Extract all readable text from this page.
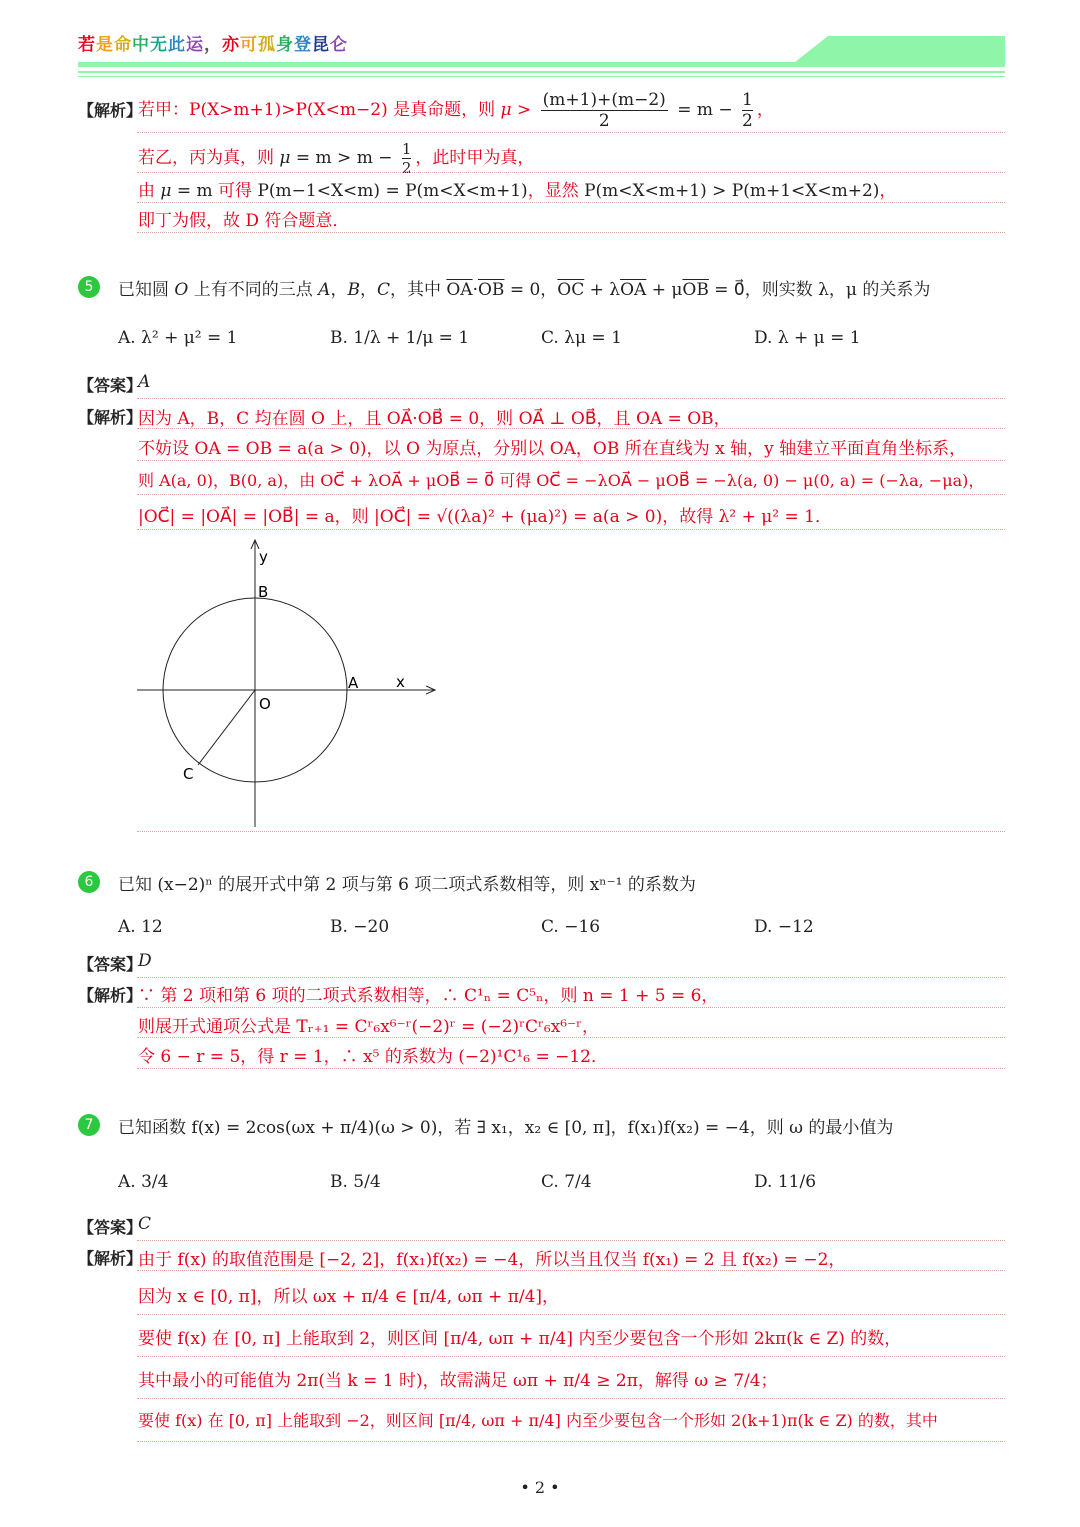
若是命中无此运，亦可孤身登昆仑
【解析】
若甲：P(X>m+1)>P(X<m−2) 是真命题，则 $\mu > \frac{(m+1)+(m-2)}{2} = m - \frac{1}{2}$ ，
若乙，丙为真，则 $\mu = m > m - \frac{1}{2}$ ，此时甲为真，
由 μ = m 可得 P(m−1<X<m) = P(m<X<m+1)，显然 P(m<X<m+1) > P(m+1<X<m+2)，
即丁为假，故 D 符合题意．
5	已知圆 O 上有不同的三点 A，B，C，其中 $\overline{OA}\cdot\overline{OB} = 0$，$\overline{OC} + \lambda\overline{OA} + \mu\overline{OB}$ = 0⃗，则实数 λ，μ 的关系为
A. λ² + μ² = 1	B. 1/λ + 1/μ = 1	C. λμ = 1	D. λ + μ = 1
【答案】
A
【解析】
因为 A，B，C 均在圆 O 上，且 OA⃗·OB⃗ = 0，则 OA⃗ ⊥ OB⃗，且 OA = OB，
不妨设 OA = OB = a(a > 0)，以 O 为原点，分别以 OA，OB 所在直线为 x 轴，y 轴建立平面直角坐标系，
则 A(a, 0)，B(0, a)，由 OC⃗ + λOA⃗ + μOB⃗ = 0⃗ 可得 OC⃗ = −λOA⃗ − μOB⃗ = −λ(a, 0) − μ(0, a) = (−λa, −μa)，
|OC⃗| = |OA⃗| = |OB⃗| = a，则 |OC⃗| = √((λa)² + (μa)²) = a(a > 0)，故得 λ² + μ² = 1．
y
B
A	x
O
C
6	已知 (x−2)ⁿ 的展开式中第 2 项与第 6 项二项式系数相等，则 xⁿ⁻¹ 的系数为
A. 12	B. −20	C. −16	D. −12
【答案】
D
【解析】
∵ 第 2 项和第 6 项的二项式系数相等，∴ C¹ₙ = C⁵ₙ，则 n = 1 + 5 = 6，
则展开式通项公式是 Tᵣ₊₁ = Cʳ₆x⁶⁻ʳ(−2)ʳ = (−2)ʳCʳ₆x⁶⁻ʳ，
令 6 − r = 5，得 r = 1，∴ x⁵ 的系数为 (−2)¹C¹₆ = −12．
7	已知函数 f(x) = 2cos(ωx + π/4)(ω > 0)，若 ∃ x₁，x₂ ∈ [0, π]，f(x₁)f(x₂) = −4，则 ω 的最小值为
A. 3/4	B. 5/4	C. 7/4	D. 11/6
【答案】
C
【解析】
由于 f(x) 的取值范围是 [−2, 2]，f(x₁)f(x₂) = −4，所以当且仅当 f(x₁) = 2 且 f(x₂) = −2，
因为 x ∈ [0, π]，所以 ωx + π/4 ∈ [π/4, ωπ + π/4]，
要使 f(x) 在 [0, π] 上能取到 2，则区间 [π/4, ωπ + π/4] 内至少要包含一个形如 2kπ(k ∈ Z) 的数，
其中最小的可能值为 2π(当 k = 1 时)，故需满足 ωπ + π/4 ≥ 2π，解得 ω ≥ 7/4；
要使 f(x) 在 [0, π] 上能取到 −2，则区间 [π/4, ωπ + π/4] 内至少要包含一个形如 2(k+1)π(k ∈ Z) 的数，其中
• 2 •
